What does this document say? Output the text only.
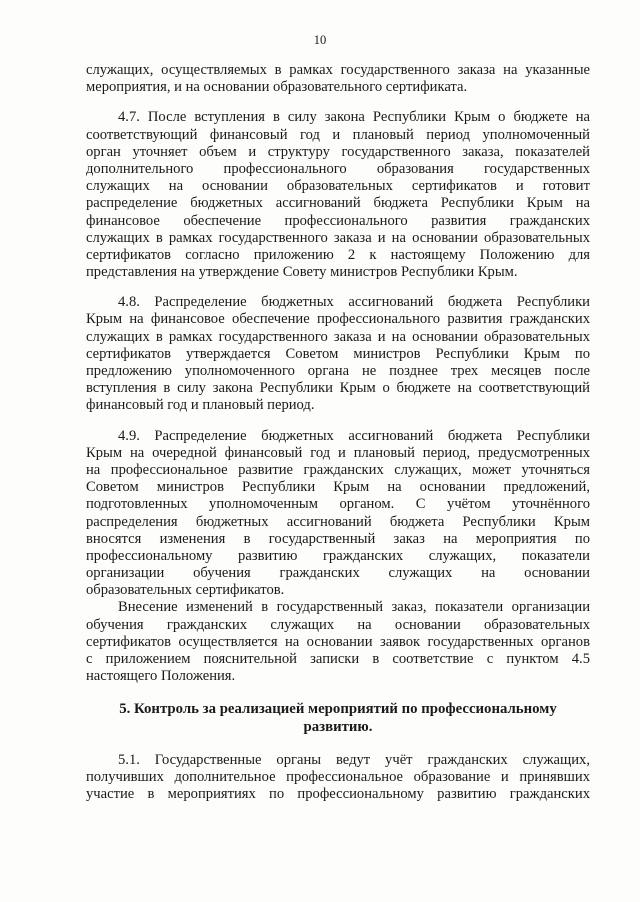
10
служащих, осуществляемых в рамках государственного заказа на указанные
мероприятия, и на основании образовательного сертификата.
4.7. После вступления в силу закона Республики Крым о бюджете на
соответствующий финансовый год и плановый период уполномоченный
орган уточняет объем и структуру государственного заказа, показателей
дополнительного профессионального образования государственных
служащих на основании образовательных сертификатов и готовит
распределение бюджетных ассигнований бюджета Республики Крым на
финансовое обеспечение профессионального развития гражданских
служащих в рамках государственного заказа и на основании образовательных
сертификатов согласно приложению 2 к настоящему Положению для
представления на утверждение Совету министров Республики Крым.
4.8. Распределение бюджетных ассигнований бюджета Республики
Крым на финансовое обеспечение профессионального развития гражданских
служащих в рамках государственного заказа и на основании образовательных
сертификатов утверждается Советом министров Республики Крым по
предложению уполномоченного органа не позднее трех месяцев после
вступления в силу закона Республики Крым о бюджете на соответствующий
финансовый год и плановый период.
4.9. Распределение бюджетных ассигнований бюджета Республики
Крым на очередной финансовый год и плановый период, предусмотренных
на профессиональное развитие гражданских служащих, может уточняться
Советом министров Республики Крым на основании предложений,
подготовленных уполномоченным органом. С учётом уточнённого
распределения бюджетных ассигнований бюджета Республики Крым
вносятся изменения в государственный заказ на мероприятия по
профессиональному развитию гражданских служащих, показатели
организации обучения гражданских служащих на основании
образовательных сертификатов.
Внесение изменений в государственный заказ, показатели организации
обучения гражданских служащих на основании образовательных
сертификатов осуществляется на основании заявок государственных органов
с приложением пояснительной записки в соответствие с пунктом 4.5
настоящего Положения.
5. Контроль за реализацией мероприятий по профессиональному
развитию.
5.1. Государственные органы ведут учёт гражданских служащих,
получивших дополнительное профессиональное образование и принявших
участие в мероприятиях по профессиональному развитию гражданских
